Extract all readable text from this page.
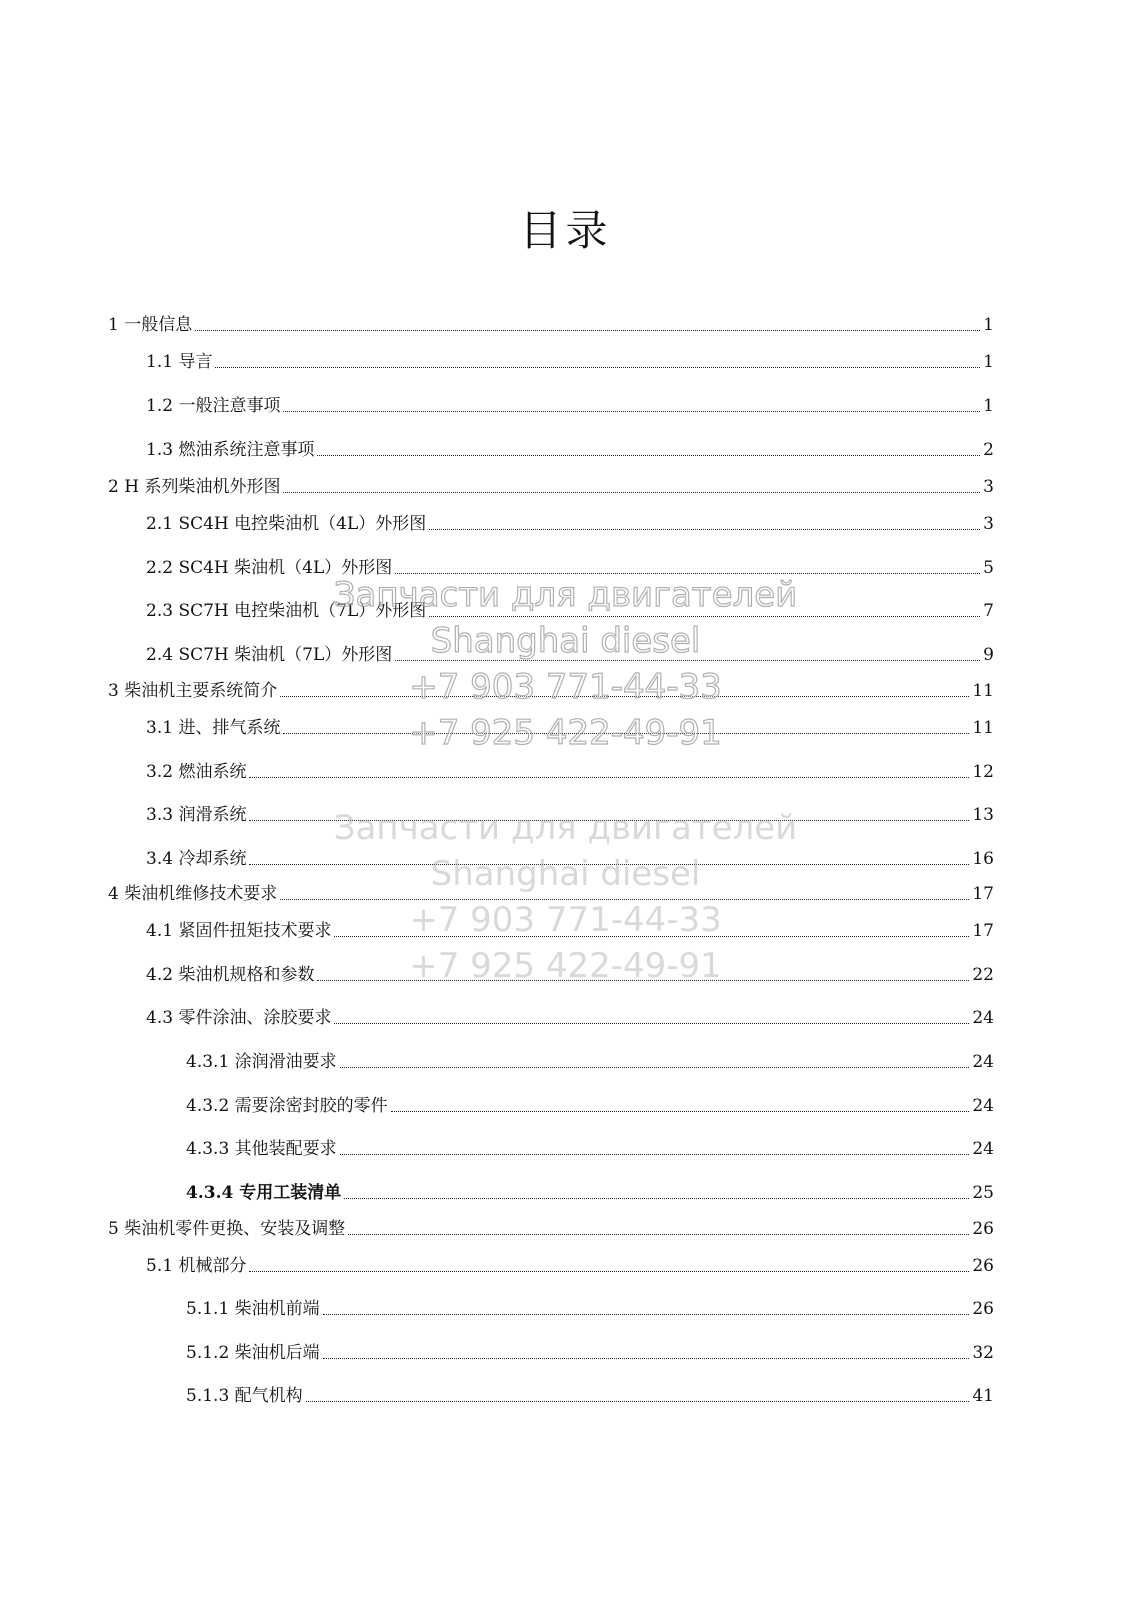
目录
1 一般信息	1
1.1 导言	1
1.2 一般注意事项	1
1.3 燃油系统注意事项	2
2 H 系列柴油机外形图	3
2.1 SC4H 电控柴油机（4L）外形图	3
2.2 SC4H 柴油机（4L）外形图	5
2.3 SC7H 电控柴油机（7L）外形图	7
2.4 SC7H 柴油机（7L）外形图	9
3 柴油机主要系统简介	11
3.1 进、排气系统	11
3.2 燃油系统	12
3.3 润滑系统	13
3.4 冷却系统	16
4 柴油机维修技术要求	17
4.1 紧固件扭矩技术要求	17
4.2 柴油机规格和参数	22
4.3 零件涂油、涂胶要求	24
4.3.1 涂润滑油要求	24
4.3.2 需要涂密封胶的零件	24
4.3.3 其他装配要求	24
4.3.4 专用工装清单	25
5 柴油机零件更换、安装及调整	26
5.1 机械部分	26
5.1.1 柴油机前端	26
5.1.2 柴油机后端	32
5.1.3 配气机构	41
Запчасти для двигателей
Shanghai diesel
+7 903 771-44-33
+7 925 422-49-91
Запчасти для двигателей
Shanghai diesel
+7 903 771-44-33
+7 925 422-49-91
